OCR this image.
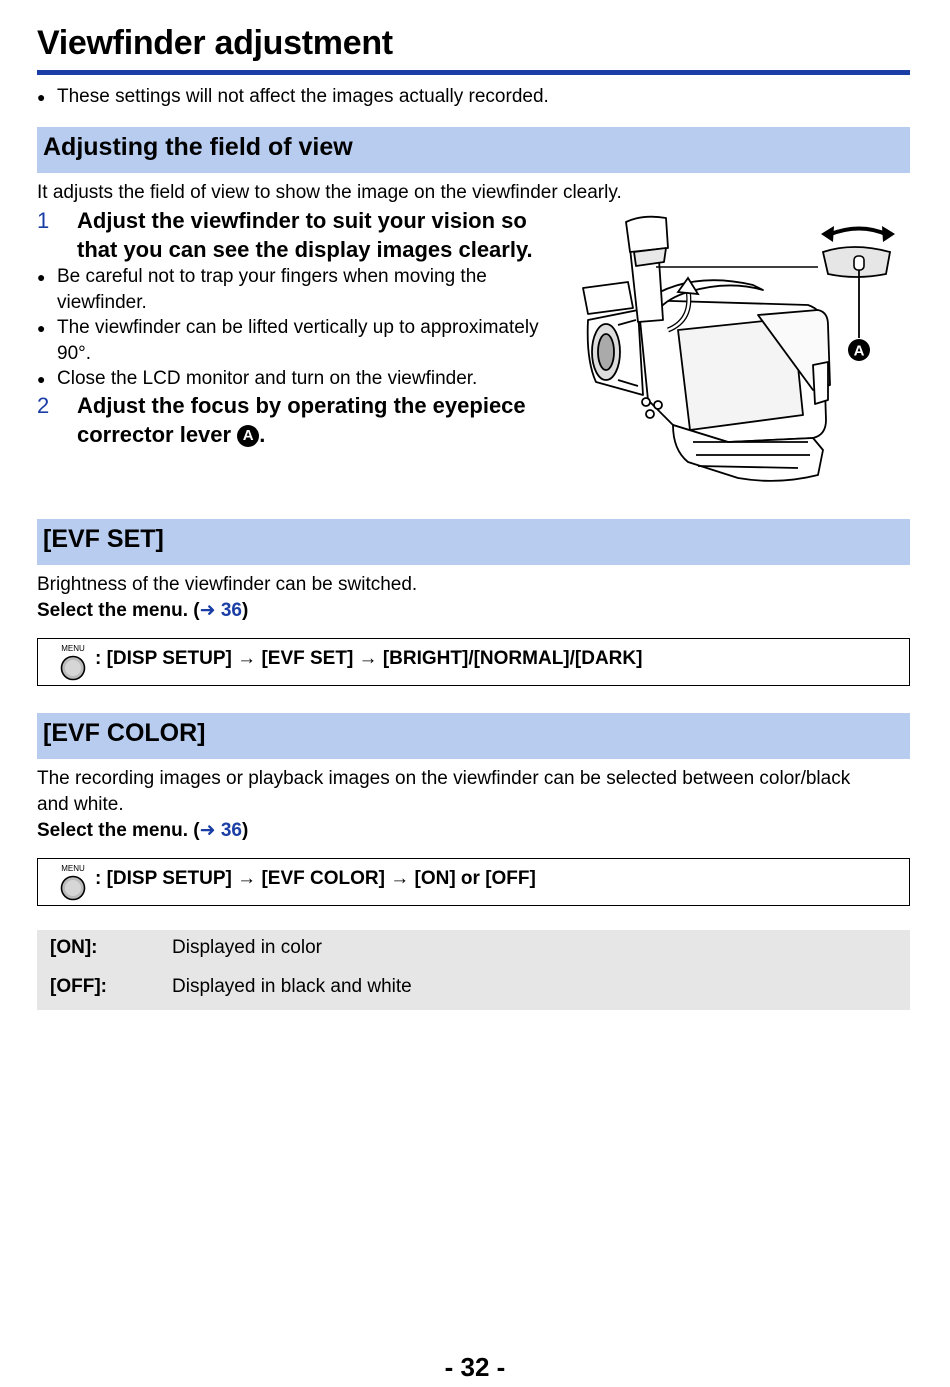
Viewfinder adjustment
● These settings will not affect the images actually recorded.
Adjusting the field of view
It adjusts the field of view to show the image on the viewfinder clearly.
1	Adjust the viewfinder to suit your vision so
that you can see the display images clearly.
● Be careful not to trap your fingers when moving the
viewfinder.
● The viewfinder can be lifted vertically up to approximately
90°.
● Close the LCD monitor and turn on the viewfinder.
2	Adjust the focus by operating the eyepiece
corrector lever A .
A
[EVF SET]
Brightness of the viewfinder can be switched.
Select the menu. (➜ 36)
MENU : [DISP SETUP] → [EVF SET] → [BRIGHT]/[NORMAL]/[DARK]
[EVF COLOR]
The recording images or playback images on the viewfinder can be selected between color/black
and white.
Select the menu. (➜ 36)
MENU : [DISP SETUP] → [EVF COLOR] → [ON] or [OFF]
[ON]:	Displayed in color
[OFF]:	Displayed in black and white
- 32 -
